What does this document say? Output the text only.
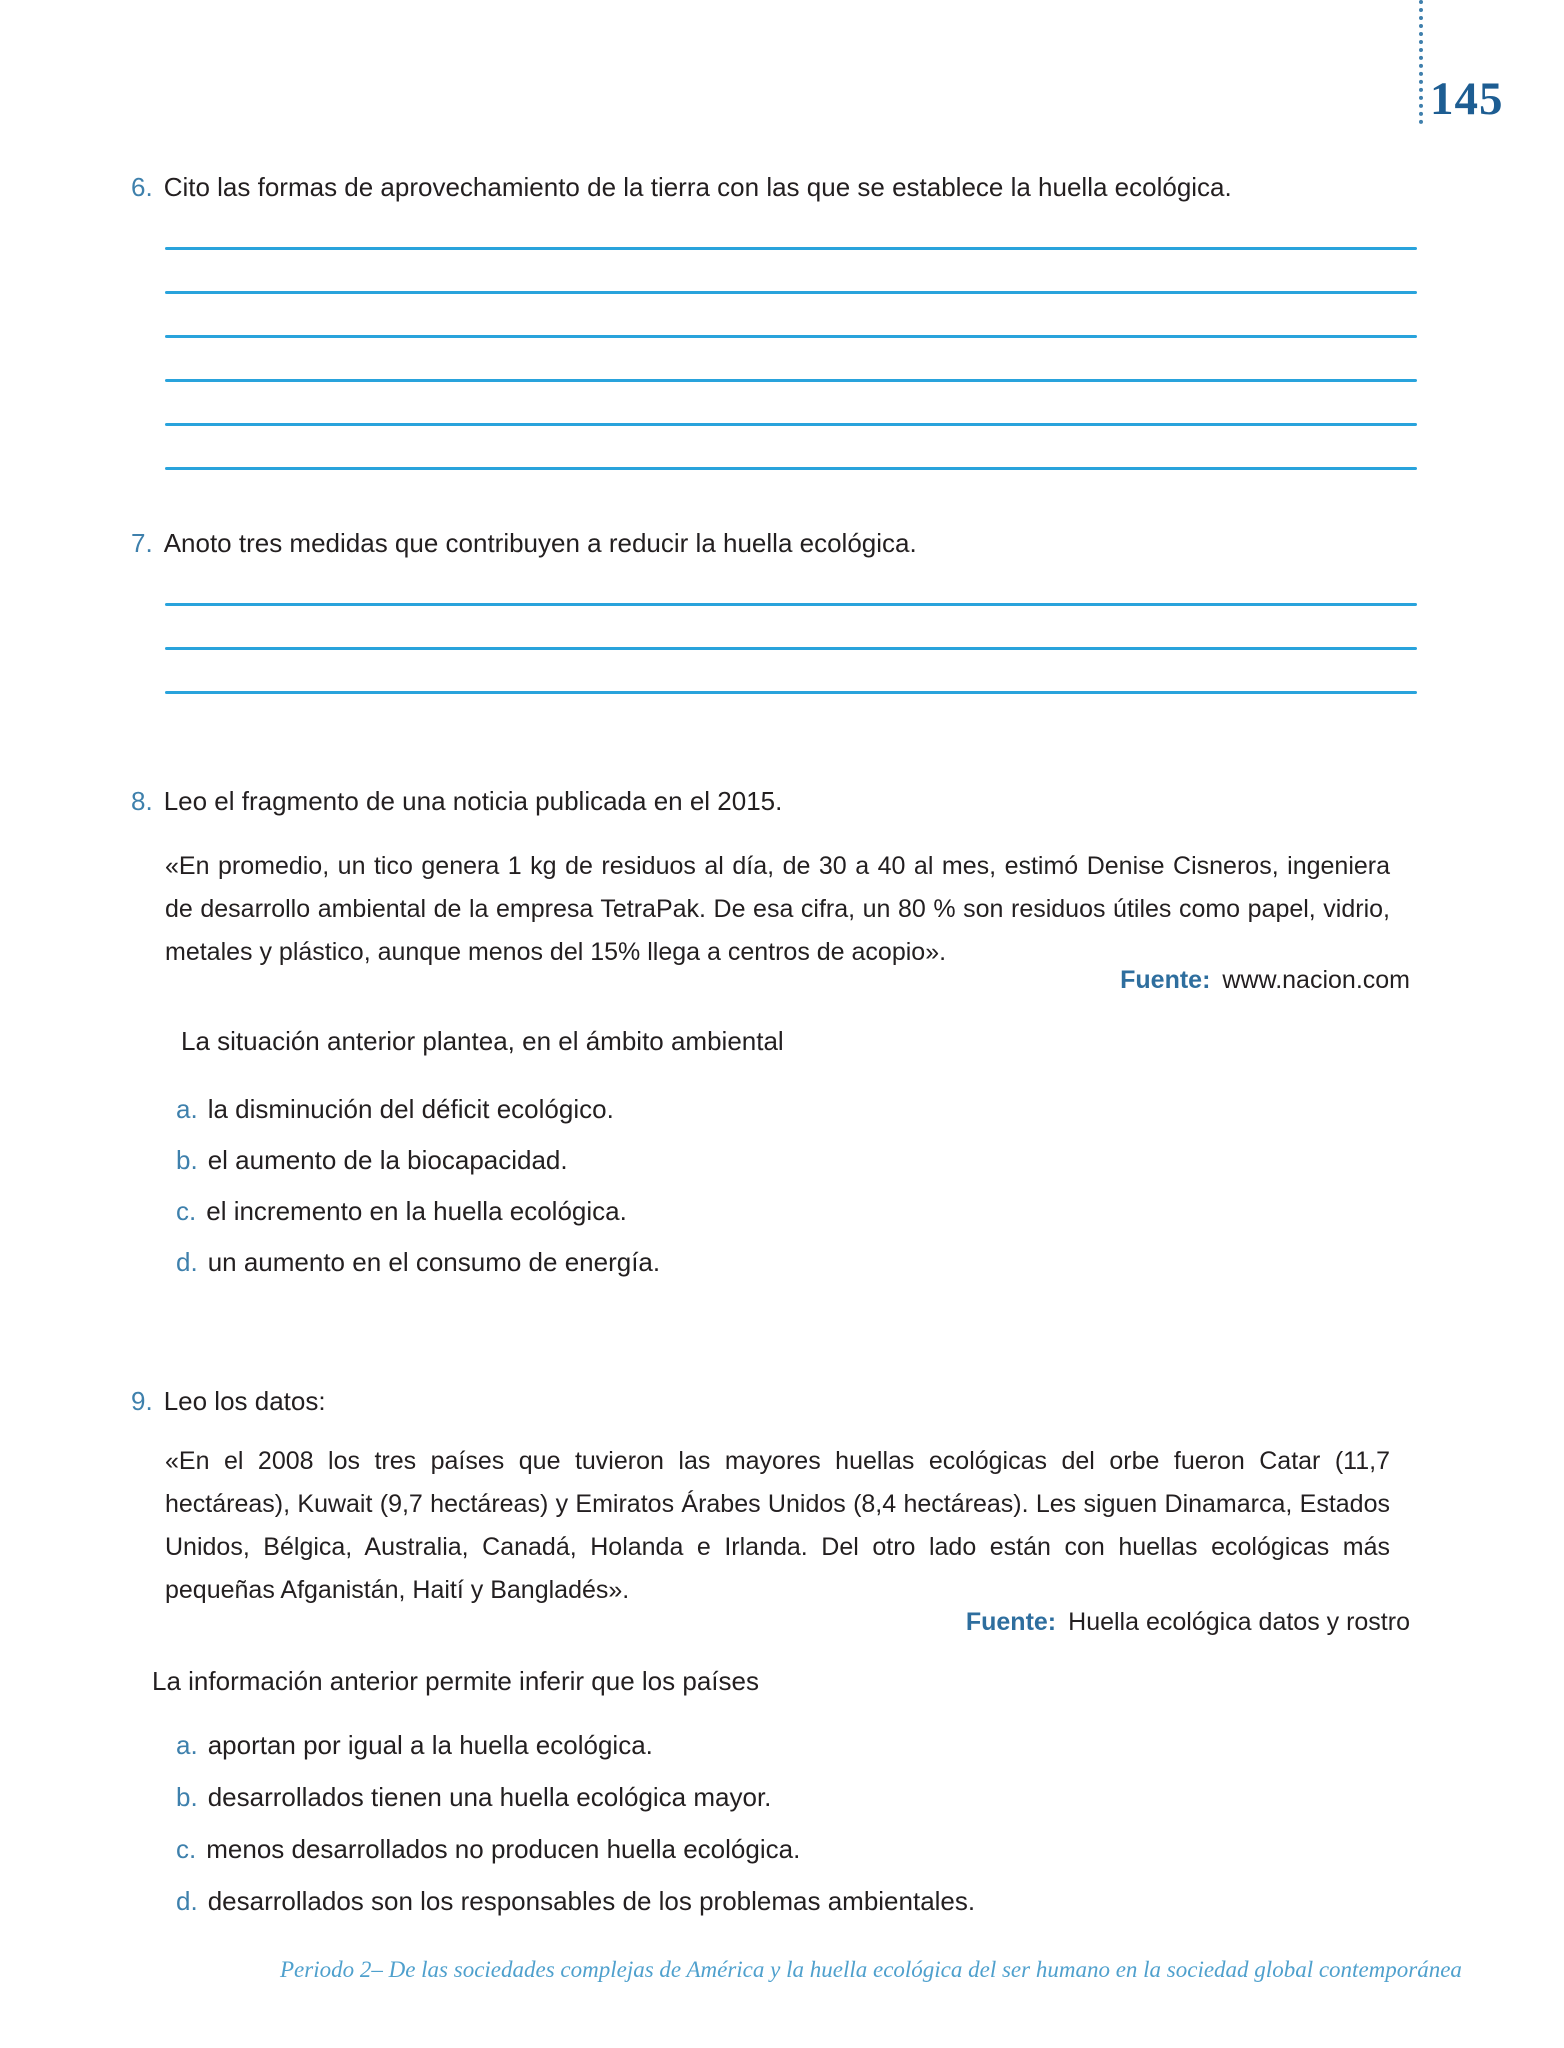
145
6. Cito las formas de aprovechamiento de la tierra con las que se establece la huella ecológica.
7. Anoto tres medidas que contribuyen a reducir la huella ecológica.
8. Leo el fragmento de una noticia publicada en el 2015.
«En promedio, un tico genera 1 kg de residuos al día, de 30 a 40 al mes, estimó Denise Cisneros, ingeniera de desarrollo ambiental de la empresa TetraPak. De esa cifra, un 80 % son residuos útiles como papel, vidrio, metales y plástico, aunque menos del 15% llega a centros de acopio».
Fuente: www.nacion.com
La situación anterior plantea, en el ámbito ambiental
a. la disminución del déficit ecológico.
b. el aumento de la biocapacidad.
c. el incremento en la huella ecológica.
d. un aumento en el consumo de energía.
9. Leo los datos:
«En el 2008 los tres países que tuvieron las mayores huellas ecológicas del orbe fueron Catar (11,7 hectáreas), Kuwait (9,7 hectáreas) y Emiratos Árabes Unidos (8,4 hectáreas). Les siguen Dinamarca, Estados Unidos, Bélgica, Australia, Canadá, Holanda e Irlanda. Del otro lado están con huellas ecológicas más pequeñas Afganistán, Haití y Bangladés».
Fuente: Huella ecológica datos y rostro
La información anterior permite inferir que los países
a. aportan por igual a la huella ecológica.
b. desarrollados tienen una huella ecológica mayor.
c. menos desarrollados no producen huella ecológica.
d. desarrollados son los responsables de los problemas ambientales.
Periodo 2– De las sociedades complejas de América y la huella ecológica del ser humano en la sociedad global contemporánea
